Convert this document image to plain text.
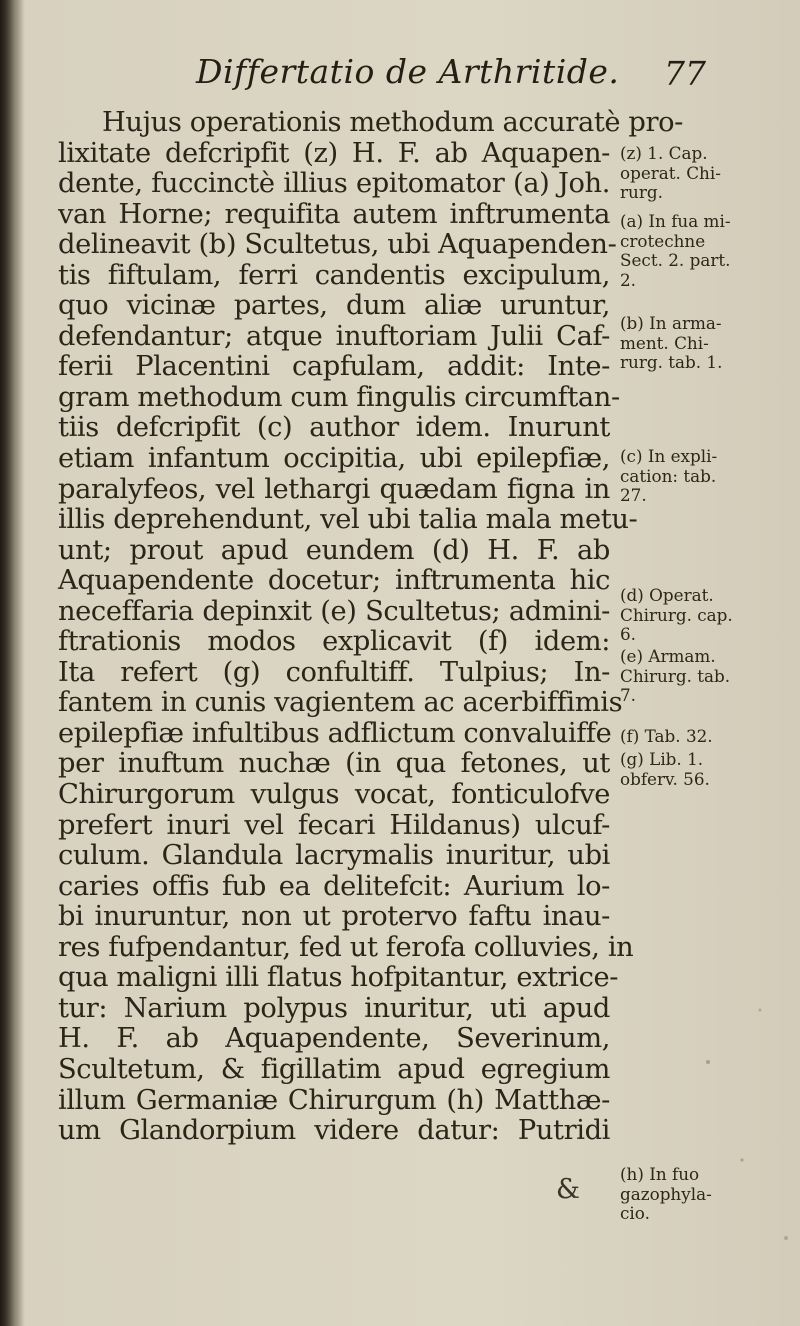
Differtatio de Arthritide. 77
Hujus operationis methodum accuratè pro-
lixitate defcripfit (z) H. F. ab Aquapen-
dente, fuccinctè illius epitomator (a) Joh.
van Horne; requifita autem inftrumenta
delineavit (b) Scultetus, ubi Aquapenden-
tis fiftulam, ferri candentis excipulum,
quo vicinæ partes, dum aliæ uruntur,
defendantur; atque inuftoriam Julii Caf-
ferii Placentini capfulam, addit: Inte-
gram methodum cum fingulis circumftan-
tiis defcripfit (c) author idem. Inurunt
etiam infantum occipitia, ubi epilepfiæ,
paralyfeos, vel lethargi quædam figna in
illis deprehendunt, vel ubi talia mala metu-
unt; prout apud eundem (d) H. F. ab
Aquapendente docetur; inftrumenta hic
neceffaria depinxit (e) Scultetus; admini-
ftrationis modos explicavit (f) idem:
Ita refert (g) confultiff. Tulpius; In-
fantem in cunis vagientem ac acerbiffimis
epilepfiæ infultibus adflictum convaluiffe
per inuftum nuchæ (in qua fetones, ut
Chirurgorum vulgus vocat, fonticulofve
prefert inuri vel fecari Hildanus) ulcuf-
culum. Glandula lacrymalis inuritur, ubi
caries offis fub ea delitefcit: Aurium lo-
bi inuruntur, non ut protervo faftu inau-
res fufpendantur, fed ut ferofa colluvies, in
qua maligni illi flatus hofpitantur, extrice-
tur: Narium polypus inuritur, uti apud
H. F. ab Aquapendente, Severinum,
Scultetum, & figillatim apud egregium
illum Germaniæ Chirurgum (h) Matthæ-
um Glandorpium videre datur: Putridi
&
(z) 1. Cap.
operat. Chi-
rurg.
(a) In fua mi-
crotechne
Sect. 2. part.
2.
(b) In arma-
ment. Chi-
rurg. tab. 1.
(c) In expli-
cation: tab.
27.
(d) Operat.
Chirurg. cap.
6.
(e) Armam.
Chirurg. tab.
7.
(f) Tab. 32.
(g) Lib. 1.
obferv. 56.
(h) In fuo
gazophyla-
cio.
